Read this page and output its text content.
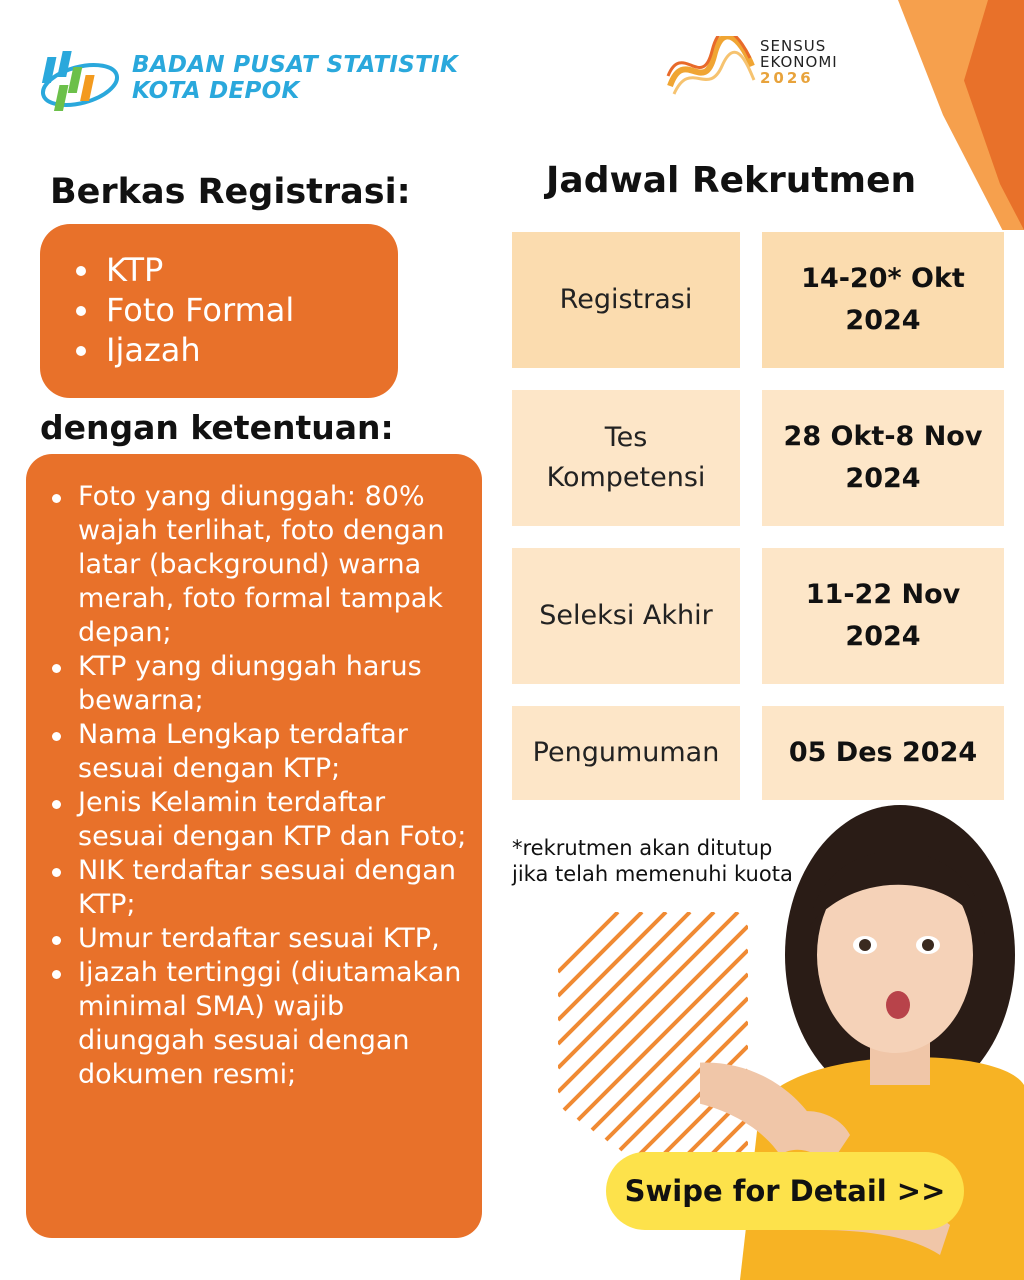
BADAN PUSAT STATISTIK
KOTA DEPOK
SENSUS
EKONOMI
2026
Berkas Registrasi:
KTP
Foto Formal
Ijazah
dengan ketentuan:
Foto yang diunggah: 80% wajah terlihat, foto dengan latar (background) warna merah, foto formal tampak depan;
KTP yang diunggah harus bewarna;
Nama Lengkap terdaftar sesuai dengan KTP;
Jenis Kelamin terdaftar sesuai dengan KTP dan Foto;
NIK terdaftar sesuai dengan KTP;
Umur terdaftar sesuai KTP,
Ijazah tertinggi (diutamakan minimal SMA) wajib diunggah sesuai dengan dokumen resmi;
Jadwal Rekrutmen
Registrasi
14-20* Okt 2024
Tes Kompetensi
28 Okt-8 Nov 2024
Seleksi Akhir
11-22 Nov 2024
Pengumuman	05 Des 2024
*rekrutmen akan ditutup
jika telah memenuhi kuota
Swipe for Detail >>
